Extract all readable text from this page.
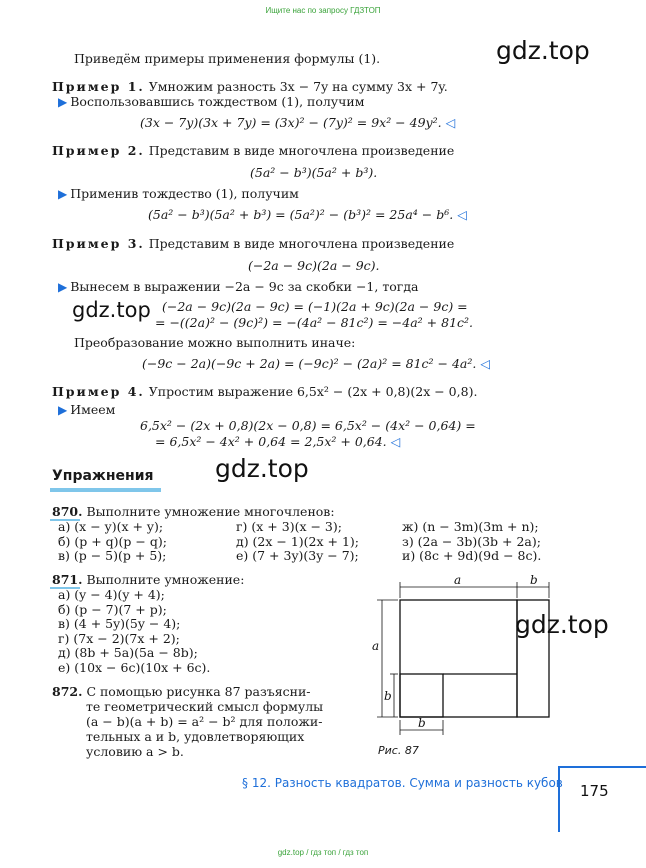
Ищите нас по запросу ГДЗТОП
gdz.top / гдз топ / гдз топ
gdz.top
gdz.top
gdz.top
gdz.top
Приведём примеры применения формулы (1).
Пример 1. Умножим разность 3x − 7y на сумму 3x + 7y.
▶ Воспользовавшись тождеством (1), получим
(3x − 7y)(3x + 7y) = (3x)² − (7y)² = 9x² − 49y². ◁
Пример 2. Представим в виде многочлена произведение
(5a² − b³)(5a² + b³).
▶ Применив тождество (1), получим
(5a² − b³)(5a² + b³) = (5a²)² − (b³)² = 25a⁴ − b⁶. ◁
Пример 3. Представим в виде многочлена произведение
(−2a − 9c)(2a − 9c).
▶ Вынесем в выражении −2a − 9c за скобки −1, тогда
(−2a − 9c)(2a − 9c) = (−1)(2a + 9c)(2a − 9c) =
= −((2a)² − (9c)²) = −(4a² − 81c²) = −4a² + 81c².
Преобразование можно выполнить иначе:
(−9c − 2a)(−9c + 2a) = (−9c)² − (2a)² = 81c² − 4a². ◁
Пример 4. Упростим выражение 6,5x² − (2x + 0,8)(2x − 0,8).
▶ Имеем
6,5x² − (2x + 0,8)(2x − 0,8) = 6,5x² − (4x² − 0,64) =
= 6,5x² − 4x² + 0,64 = 2,5x² + 0,64. ◁
Упражнения
870. Выполните умножение многочленов:
а) (x − y)(x + y);
б) (p + q)(p − q);
в) (p − 5)(p + 5);
г) (x + 3)(x − 3);
д) (2x − 1)(2x + 1);
е) (7 + 3y)(3y − 7);
ж) (n − 3m)(3m + n);
з) (2a − 3b)(3b + 2a);
и) (8c + 9d)(9d − 8c).
871. Выполните умножение:
а) (y − 4)(y + 4);
б) (p − 7)(7 + p);
в) (4 + 5y)(5y − 4);
г) (7x − 2)(7x + 2);
д) (8b + 5a)(5a − 8b);
е) (10x − 6c)(10x + 6c).
872. С помощью рисунка 87 разъясни-
те геометрический смысл формулы
(a − b)(a + b) = a² − b² для положи-
тельных a и b, удовлетворяющих
условию a > b.
a	b
a
b
b
Рис. 87
§ 12. Разность квадратов. Сумма и разность кубов 175
